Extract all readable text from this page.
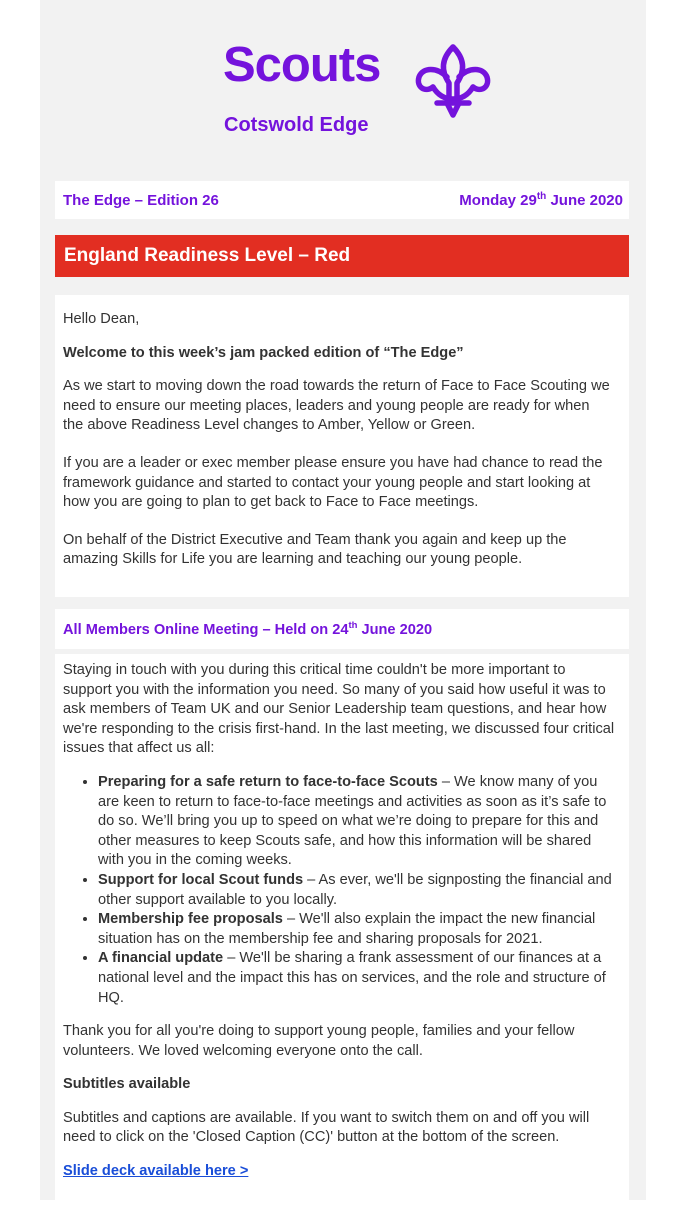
Scouts
Cotswold Edge
The Edge – Edition 26	Monday 29th June 2020
England Readiness Level – Red

Hello Dean,

Welcome to this week’s jam packed edition of “The Edge”

As we start to moving down the road towards the return of Face to Face Scouting we need to ensure our meeting places, leaders and young people are ready for when the above Readiness Level changes to Amber, Yellow or Green.

If you are a leader or exec member please ensure you have had chance to read the framework guidance and started to contact your young people and start looking at how you are going to plan to get back to Face to Face meetings.

On behalf of the District Executive and Team thank you again and keep up the amazing Skills for Life you are learning and teaching our young people.

All Members Online Meeting – Held on 24th June 2020

Staying in touch with you during this critical time couldn't be more important to support you with the information you need. So many of you said how useful it was to ask members of Team UK and our Senior Leadership team questions, and hear how we're responding to the crisis first-hand. In the last meeting, we discussed four critical issues that affect us all:

• Preparing for a safe return to face-to-face Scouts – We know many of you are keen to return to face-to-face meetings and activities as soon as it’s safe to do so. We’ll bring you up to speed on what we’re doing to prepare for this and other measures to keep Scouts safe, and how this information will be shared with you in the coming weeks.
• Support for local Scout funds – As ever, we'll be signposting the financial and other support available to you locally.
• Membership fee proposals – We'll also explain the impact the new financial situation has on the membership fee and sharing proposals for 2021.
• A financial update – We'll be sharing a frank assessment of our finances at a national level and the impact this has on services, and the role and structure of HQ.

Thank you for all you're doing to support young people, families and your fellow volunteers. We loved welcoming everyone onto the call.

Subtitles available

Subtitles and captions are available. If you want to switch them on and off you will need to click on the 'Closed Caption (CC)' button at the bottom of the screen.

Slide deck available here >
